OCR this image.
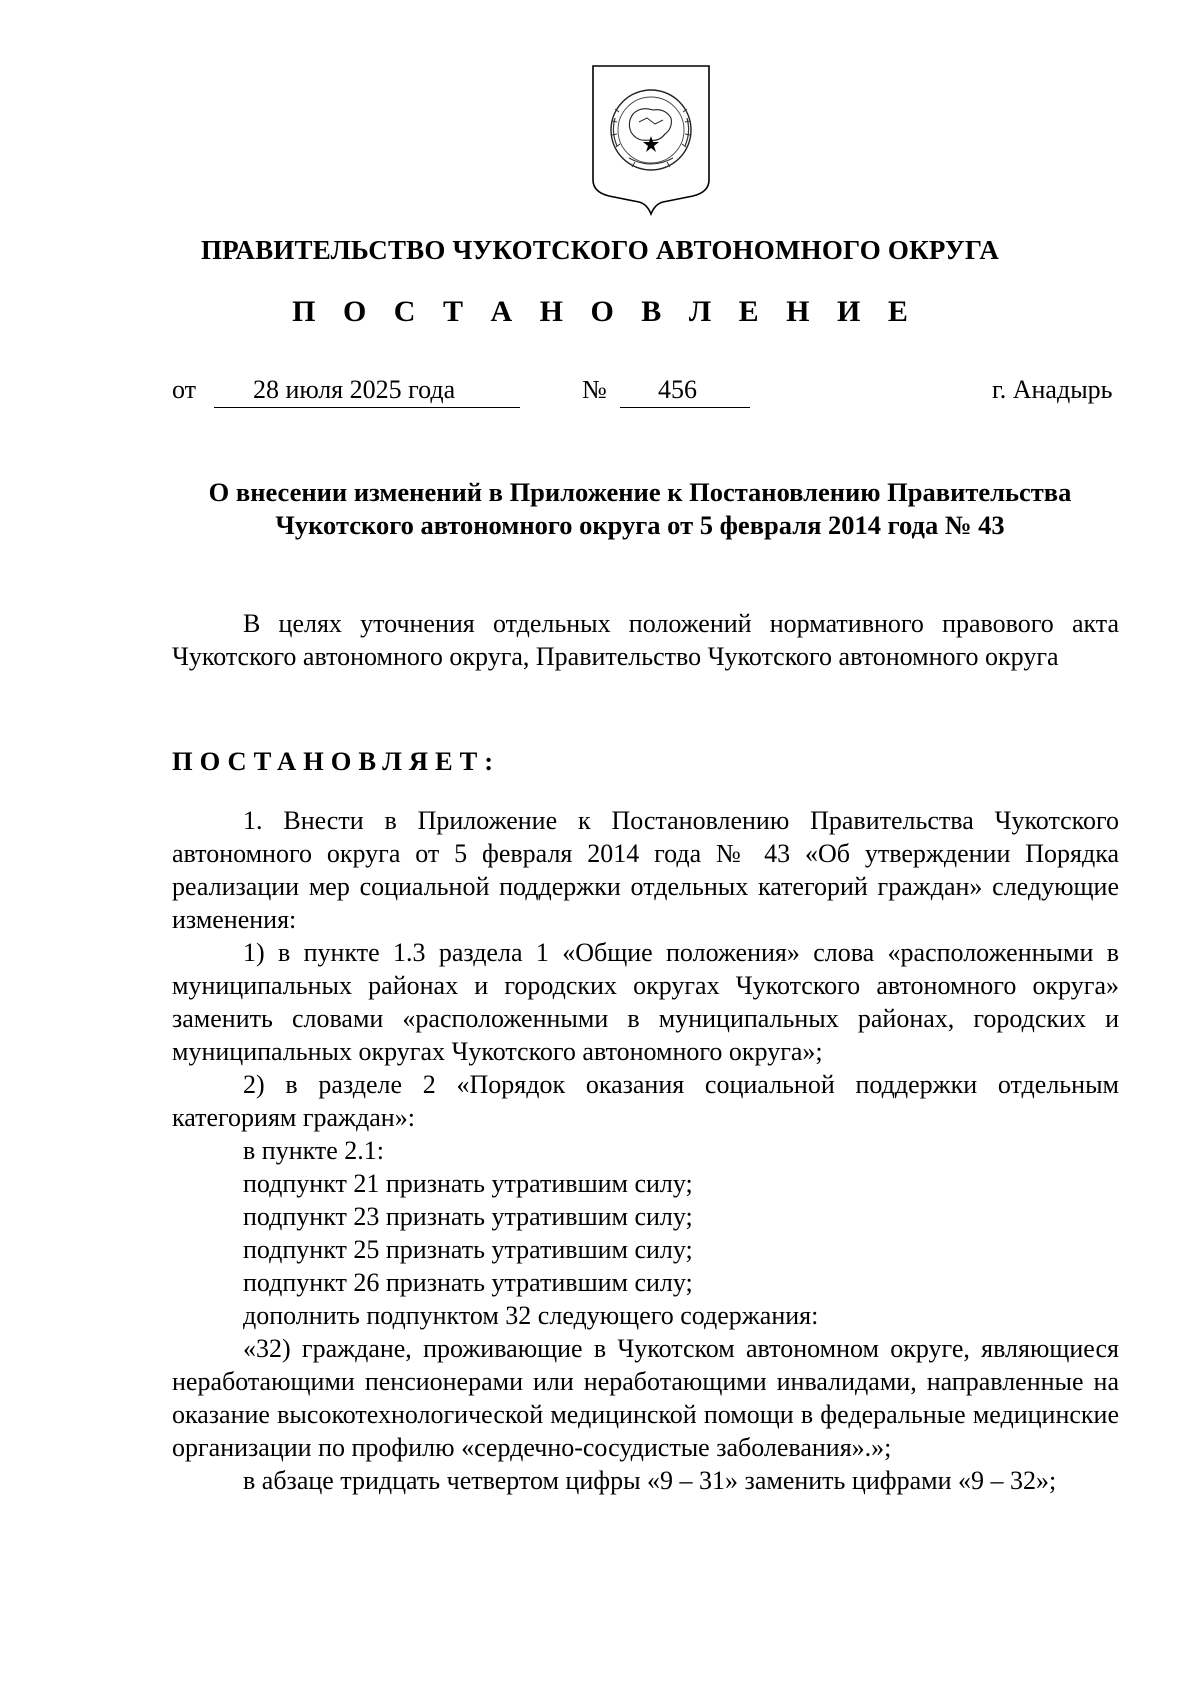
ПРАВИТЕЛЬСТВО ЧУКОТСКОГО АВТОНОМНОГО ОКРУГА
П О С Т А Н О В Л Е Н И Е
от 28 июля 2025 года	№ 456	г. Анадырь
О внесении изменений в Приложение к Постановлению Правительства
Чукотского автономного округа от 5 февраля 2014 года № 43

В целях уточнения отдельных положений нормативного правового акта Чукотского автономного округа, Правительство Чукотского автономного округа

ПОСТАНОВЛЯЕТ:

1. Внести в Приложение к Постановлению Правительства Чукотского автономного округа от 5 февраля 2014 года № 43 «Об утверждении Порядка реализации мер социальной поддержки отдельных категорий граждан» следующие изменения:

1) в пункте 1.3 раздела 1 «Общие положения» слова «расположенными в муниципальных районах и городских округах Чукотского автономного округа» заменить словами «расположенными в муниципальных районах, городских и муниципальных округах Чукотского автономного округа»;

2) в разделе 2 «Порядок оказания социальной поддержки отдельным категориям граждан»:

в пункте 2.1:

подпункт 21 признать утратившим силу;

подпункт 23 признать утратившим силу;

подпункт 25 признать утратившим силу;

подпункт 26 признать утратившим силу;

дополнить подпунктом 32 следующего содержания:

«32) граждане, проживающие в Чукотском автономном округе, являющиеся неработающими пенсионерами или неработающими инвалидами, направленные на оказание высокотехнологической медицинской помощи в федеральные медицинские организации по профилю «сердечно-сосудистые заболевания».»;

в абзаце тридцать четвертом цифры «9 – 31» заменить цифрами «9 – 32»;
